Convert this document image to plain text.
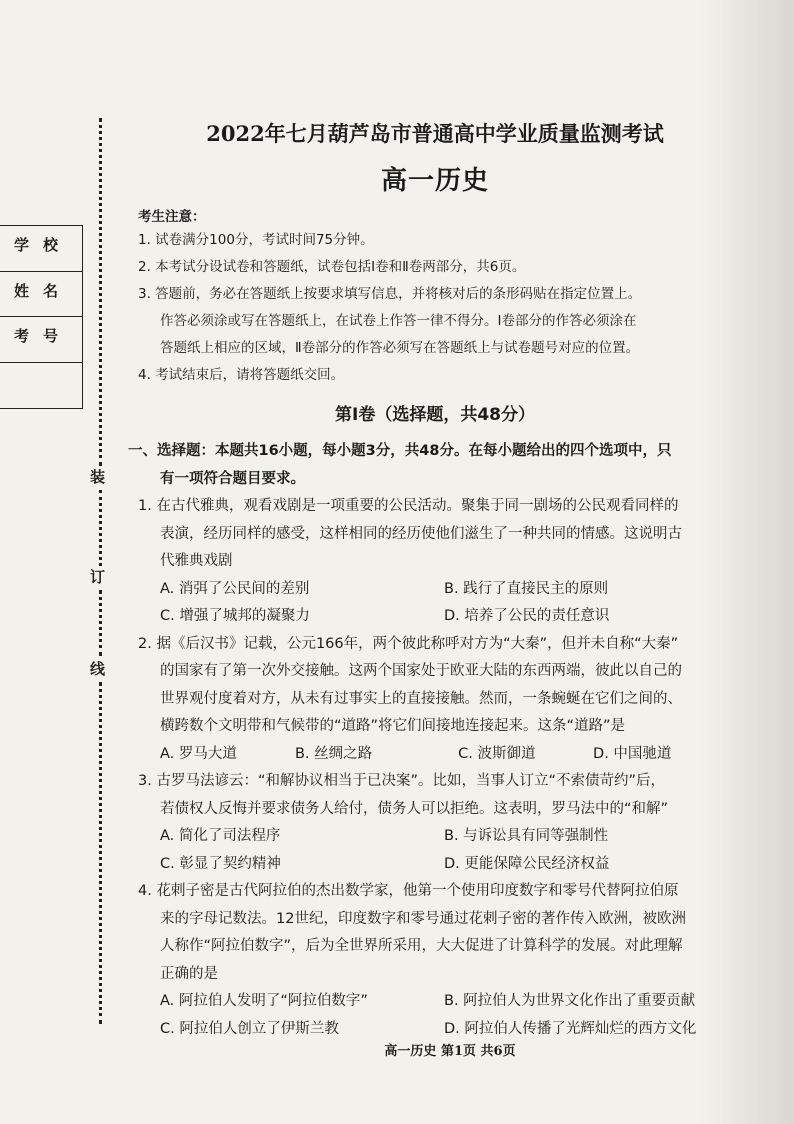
装
订
线
学校
姓名
考号
2022年七月葫芦岛市普通高中学业质量监测考试
高一历史
考生注意：
1. 试卷满分100分，考试时间75分钟。
2. 本考试分设试卷和答题纸，试卷包括Ⅰ卷和Ⅱ卷两部分，共6页。
3. 答题前，务必在答题纸上按要求填写信息，并将核对后的条形码贴在指定位置上。
作答必须涂或写在答题纸上，在试卷上作答一律不得分。Ⅰ卷部分的作答必须涂在
答题纸上相应的区域，Ⅱ卷部分的作答必须写在答题纸上与试卷题号对应的位置。
4. 考试结束后，请将答题纸交回。
第Ⅰ卷（选择题，共48分）
一、选择题：本题共16小题，每小题3分，共48分。在每小题给出的四个选项中，只
有一项符合题目要求。
1. 在古代雅典，观看戏剧是一项重要的公民活动。聚集于同一剧场的公民观看同样的
表演，经历同样的感受，这样相同的经历使他们滋生了一种共同的情感。这说明古
代雅典戏剧
A. 消弭了公民间的差别	B. 践行了直接民主的原则
C. 增强了城邦的凝聚力	D. 培养了公民的责任意识
2. 据《后汉书》记载，公元166年，两个彼此称呼对方为“大秦”，但并未自称“大秦”
的国家有了第一次外交接触。这两个国家处于欧亚大陆的东西两端，彼此以自己的
世界观付度着对方，从未有过事实上的直接接触。然而，一条蜿蜒在它们之间的、
横跨数个文明带和气候带的“道路”将它们间接地连接起来。这条“道路”是
A. 罗马大道	B. 丝绸之路	C. 波斯御道	D. 中国驰道
3. 古罗马法谚云：“和解协议相当于已决案”。比如，当事人订立“不索债苛约”后，
若债权人反悔并要求债务人给付，债务人可以拒绝。这表明，罗马法中的“和解”
A. 简化了司法程序	B. 与诉讼具有同等强制性
C. 彰显了契约精神	D. 更能保障公民经济权益
4. 花剌子密是古代阿拉伯的杰出数学家，他第一个使用印度数字和零号代替阿拉伯原
来的字母记数法。12世纪，印度数字和零号通过花剌子密的著作传入欧洲，被欧洲
人称作“阿拉伯数字”，后为全世界所采用，大大促进了计算科学的发展。对此理解
正确的是
A. 阿拉伯人发明了“阿拉伯数字”	B. 阿拉伯人为世界文化作出了重要贡献
C. 阿拉伯人创立了伊斯兰教	D. 阿拉伯人传播了光辉灿烂的西方文化
高一历史 第1页 共6页
